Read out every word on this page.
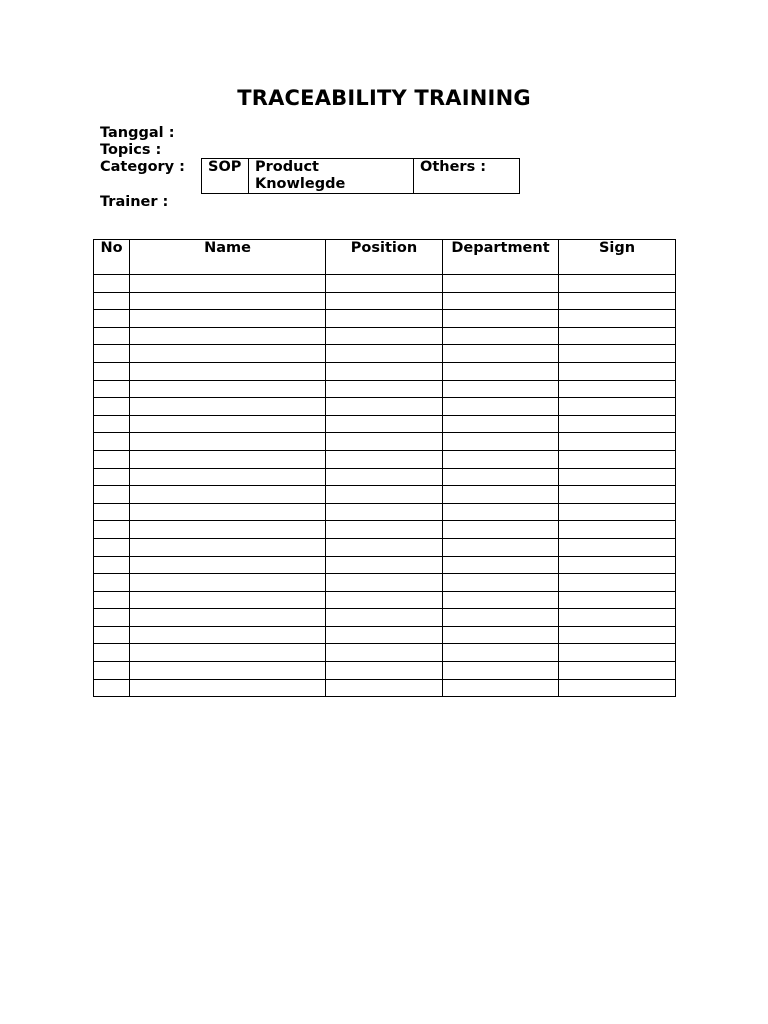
TRACEABILITY TRAINING
Tanggal :
Topics :
Category :
Trainer :
SOP	Product Knowlegde	Others :
No	Name	Position	Department	Sign
